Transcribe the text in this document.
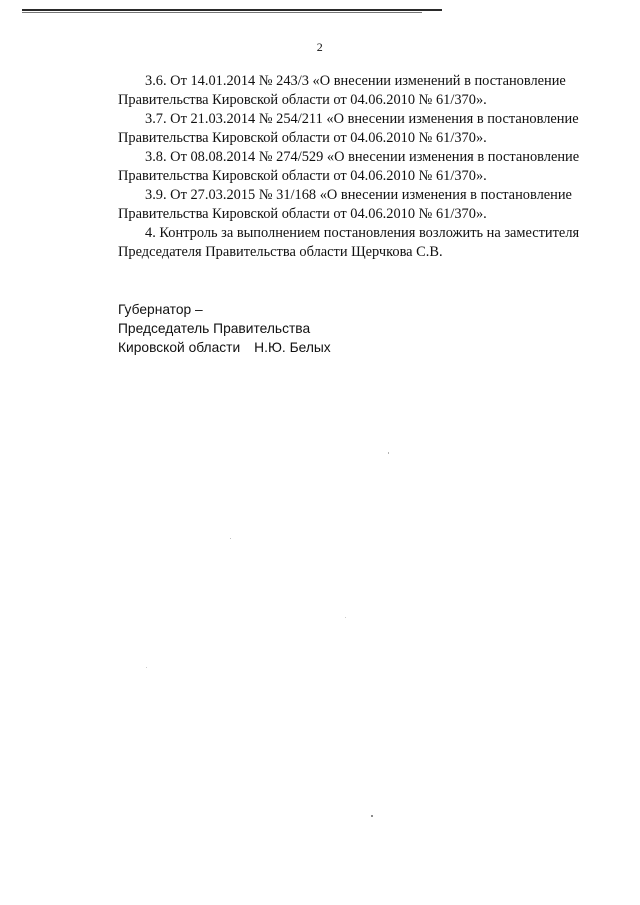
2

3.6. От 14.01.2014 № 243/3 «О внесении изменений в постановление
Правительства Кировской области от 04.06.2010 № 61/370».

3.7. От 21.03.2014 № 254/211 «О внесении изменения в постановление
Правительства Кировской области от 04.06.2010 № 61/370».

3.8. От 08.08.2014 № 274/529 «О внесении изменения в постановление
Правительства Кировской области от 04.06.2010 № 61/370».

3.9. От 27.03.2015 № 31/168 «О внесении изменения в постановление
Правительства Кировской области от 04.06.2010 № 61/370».

4. Контроль за выполнением постановления возложить на заместителя
Председателя Правительства области Щерчкова С.В.

Губернатор –
Председатель Правительства
Кировской области Н.Ю. Белых
